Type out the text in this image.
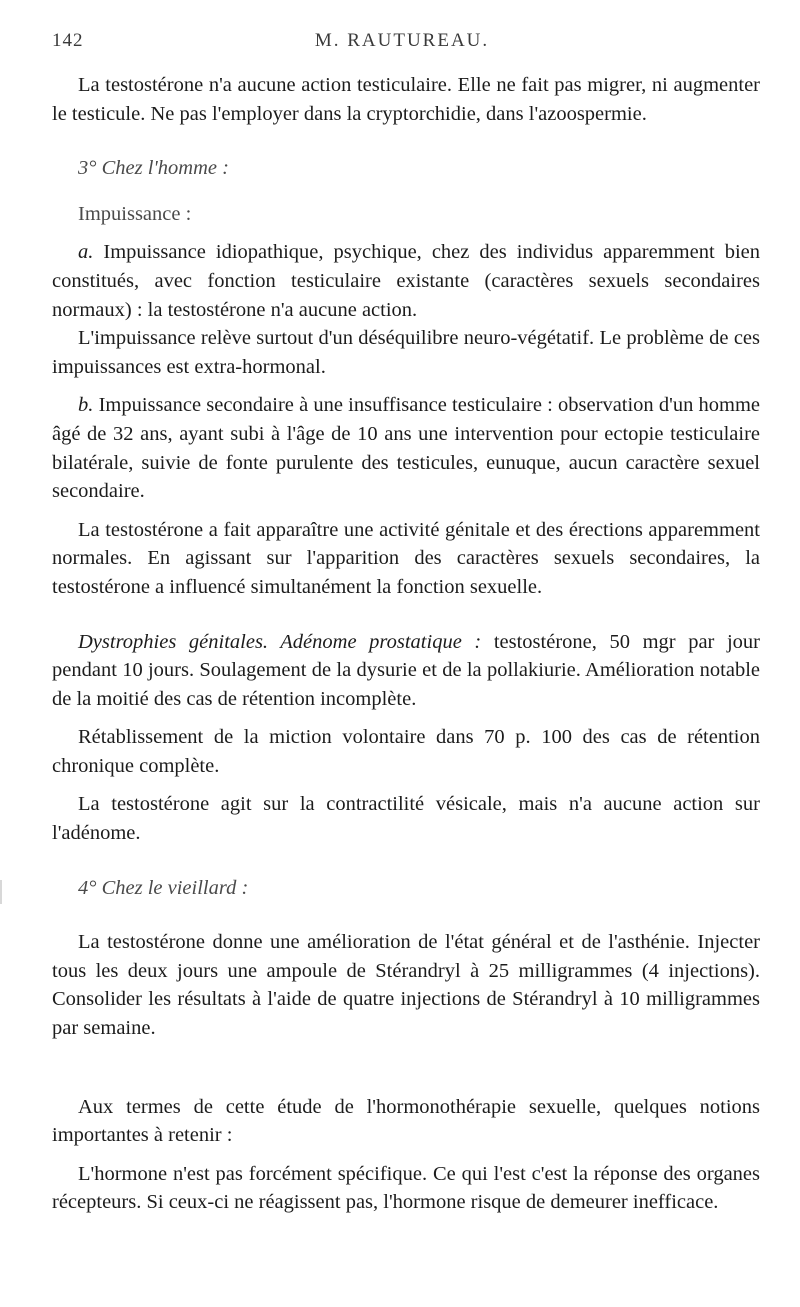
142	M. RAUTUREAU.

La testostérone n'a aucune action testiculaire. Elle ne fait pas migrer, ni augmenter le testicule. Ne pas l'employer dans la cryptorchidie, dans l'azoospermie.

3° Chez l'homme :

Impuissance :

a. Impuissance idiopathique, psychique, chez des individus apparemment bien constitués, avec fonction testiculaire existante (caractères sexuels secondaires normaux) : la testostérone n'a aucune action.

L'impuissance relève surtout d'un déséquilibre neuro-végétatif. Le problème de ces impuissances est extra-hormonal.

b. Impuissance secondaire à une insuffisance testiculaire : observation d'un homme âgé de 32 ans, ayant subi à l'âge de 10 ans une intervention pour ectopie testiculaire bilatérale, suivie de fonte purulente des testicules, eunuque, aucun caractère sexuel secondaire.

La testostérone a fait apparaître une activité génitale et des érections apparemment normales. En agissant sur l'apparition des caractères sexuels secondaires, la testostérone a influencé simultanément la fonction sexuelle.

Dystrophies génitales. Adénome prostatique : testostérone, 50 mgr par jour pendant 10 jours. Soulagement de la dysurie et de la pollakiurie. Amélioration notable de la moitié des cas de rétention incomplète.

Rétablissement de la miction volontaire dans 70 p. 100 des cas de rétention chronique complète.

La testostérone agit sur la contractilité vésicale, mais n'a aucune action sur l'adénome.

4° Chez le vieillard :

La testostérone donne une amélioration de l'état général et de l'asthénie. Injecter tous les deux jours une ampoule de Stérandryl à 25 milligrammes (4 injections). Consolider les résultats à l'aide de quatre injections de Stérandryl à 10 milligrammes par semaine.

Aux termes de cette étude de l'hormonothérapie sexuelle, quelques notions importantes à retenir :

L'hormone n'est pas forcément spécifique. Ce qui l'est c'est la réponse des organes récepteurs. Si ceux-ci ne réagissent pas, l'hormone risque de demeurer inefficace.
